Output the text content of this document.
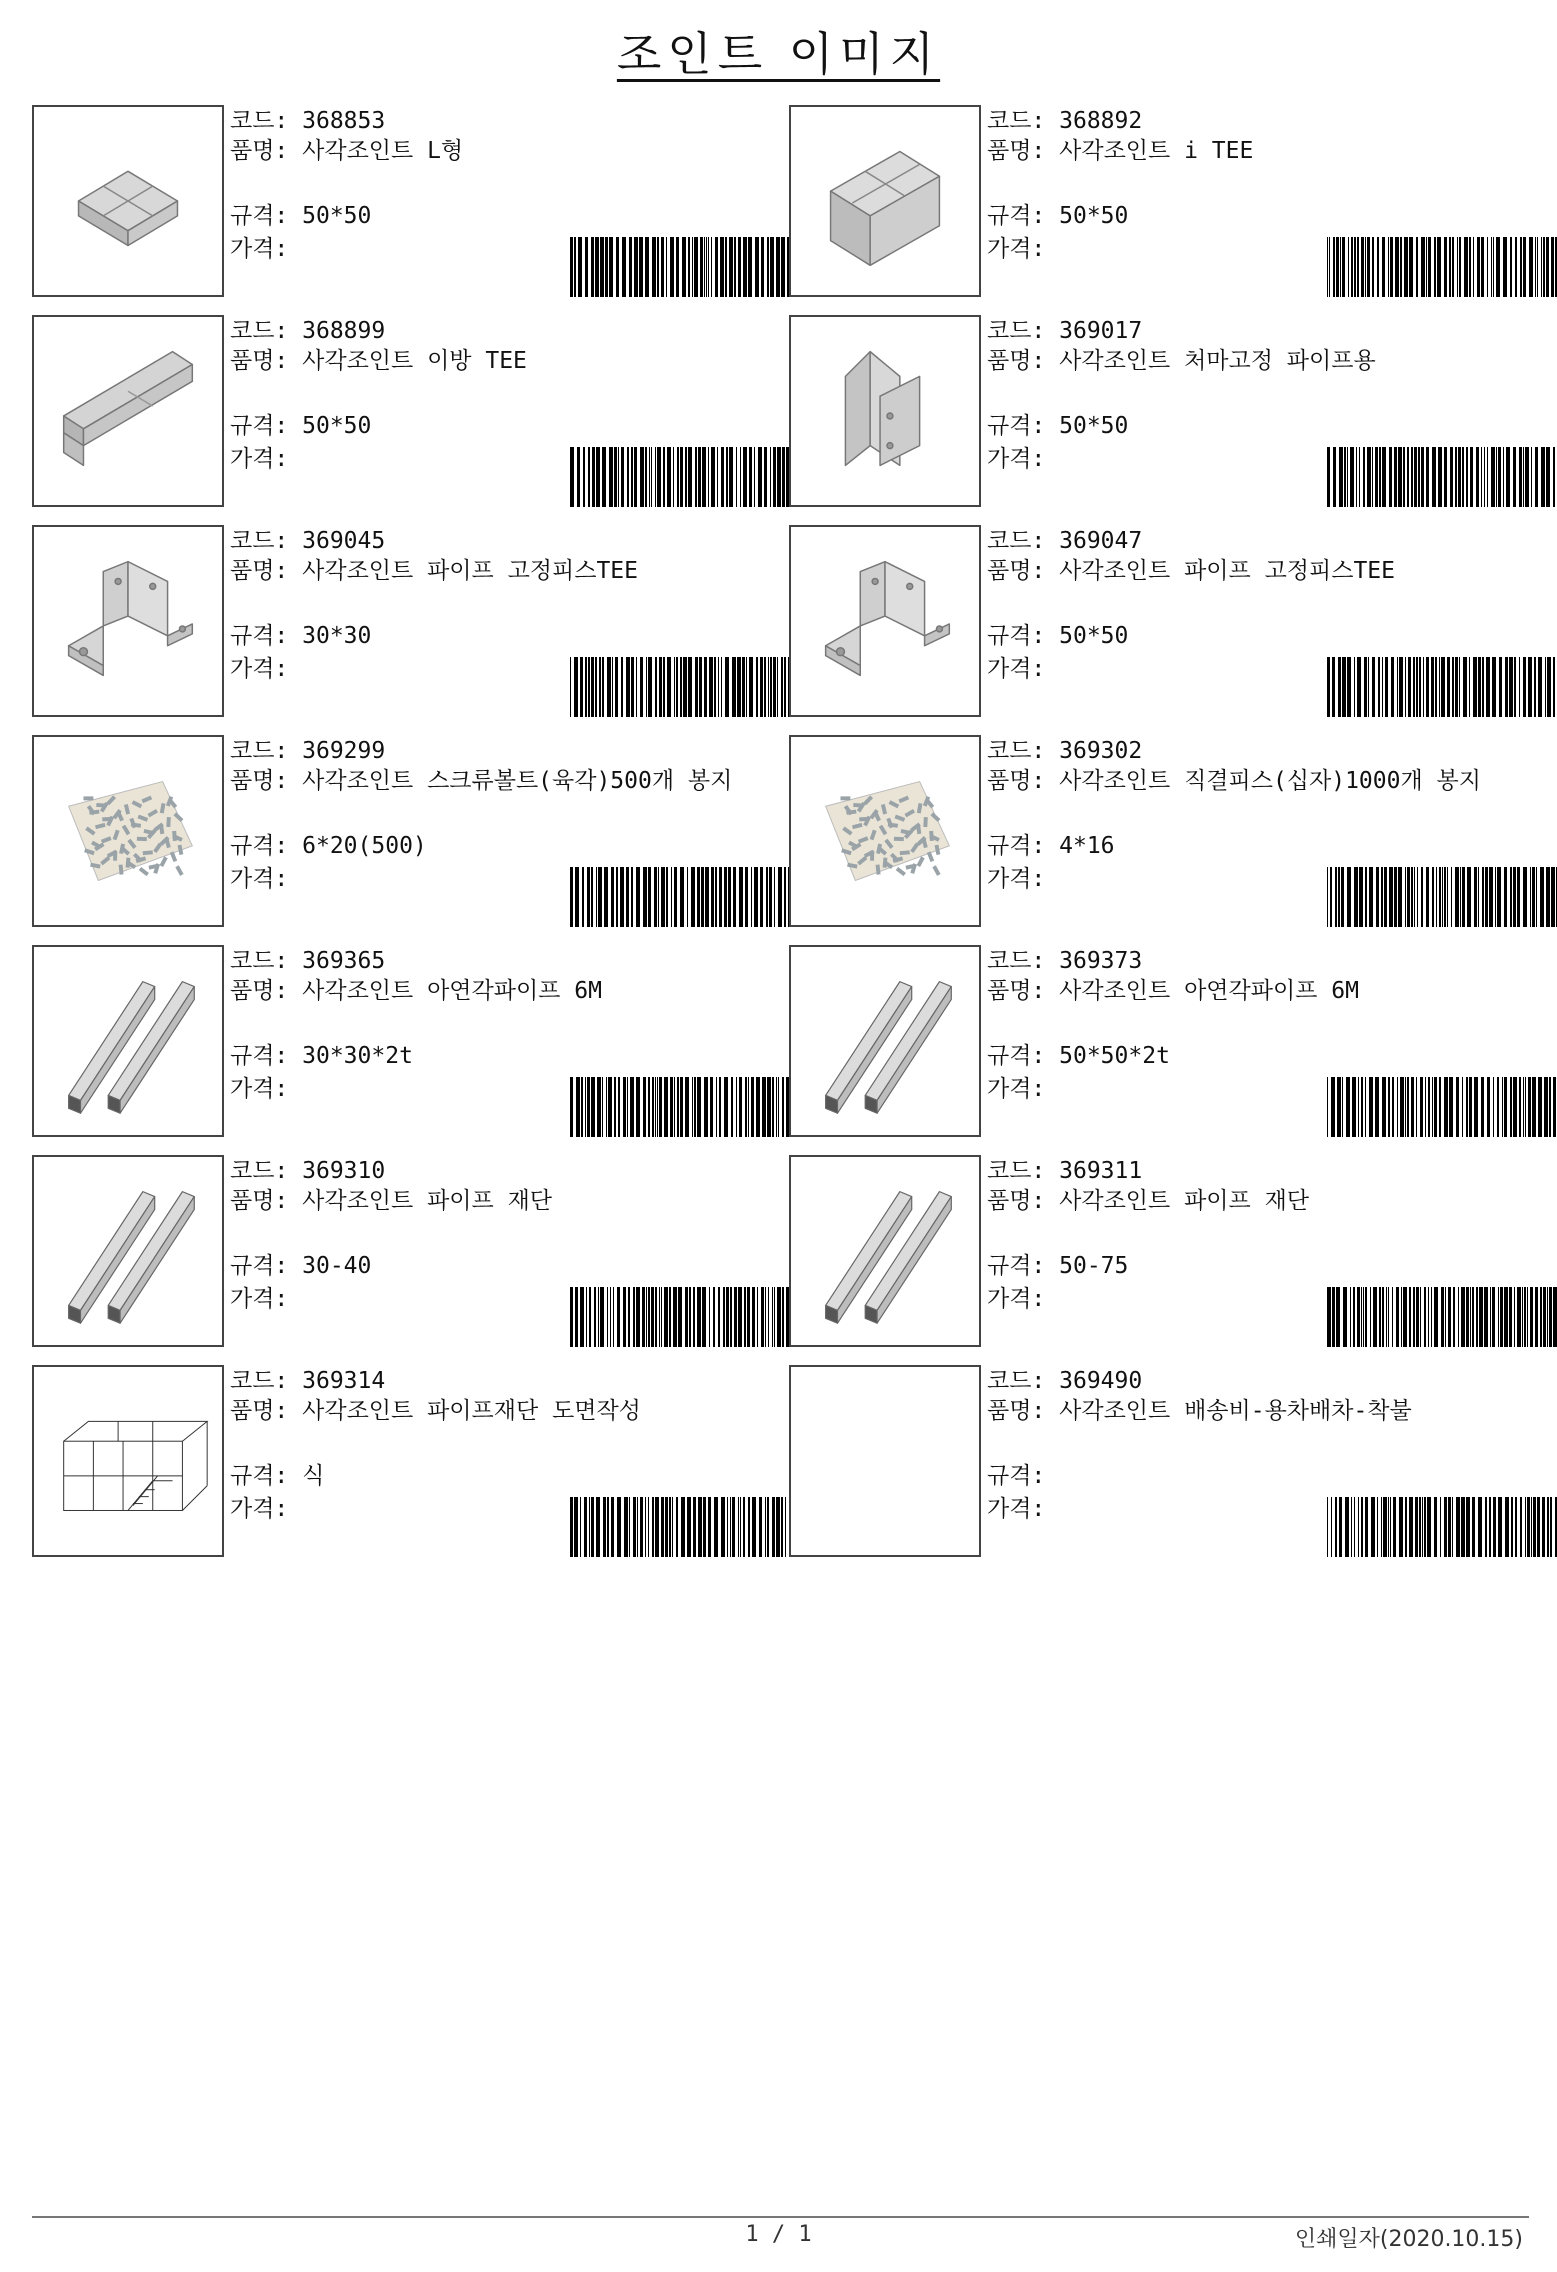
조인트 이미지
코드: 368853
품명: 사각조인트 L형
규격: 50*50
가격:
코드: 368892
품명: 사각조인트 i TEE
규격: 50*50
가격:
코드: 368899
품명: 사각조인트 이방 TEE
규격: 50*50
가격:
코드: 369017
품명: 사각조인트 처마고정 파이프용
규격: 50*50
가격:
코드: 369045
품명: 사각조인트 파이프 고정피스TEE
규격: 30*30
가격:
코드: 369047
품명: 사각조인트 파이프 고정피스TEE
규격: 50*50
가격:
코드: 369299
품명: 사각조인트 스크류볼트(육각)500개 봉지
규격: 6*20(500)
가격:
코드: 369302
품명: 사각조인트 직결피스(십자)1000개 봉지
규격: 4*16
가격:
코드: 369365
품명: 사각조인트 아연각파이프 6M
규격: 30*30*2t
가격:
코드: 369373
품명: 사각조인트 아연각파이프 6M
규격: 50*50*2t
가격:
코드: 369310
품명: 사각조인트 파이프 재단
규격: 30-40
가격:
코드: 369311
품명: 사각조인트 파이프 재단
규격: 50-75
가격:
코드: 369314
품명: 사각조인트 파이프재단 도면작성
규격: 식
가격:
코드: 369490
품명: 사각조인트 배송비-용차배차-착불
규격:
가격:
1 / 1	인쇄일자(2020.10.15)
